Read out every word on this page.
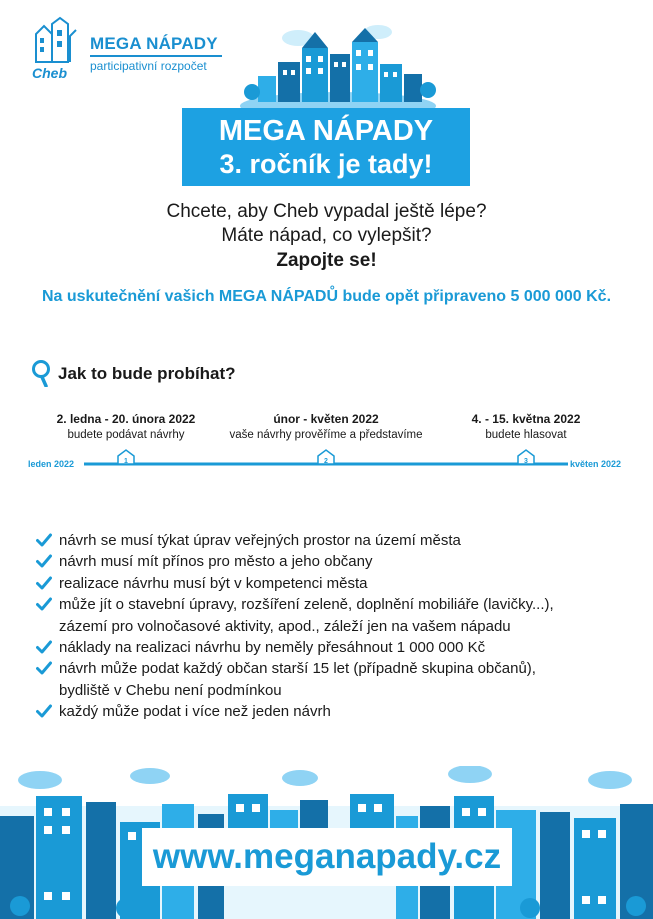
Cheb
MEGA NÁPADY
participativní rozpočet
MEGA NÁPADY
3. ročník je tady!
Chcete, aby Cheb vypadal ještě lépe?
Máte nápad, co vylepšit?
Zapojte se!
Na uskutečnění vašich MEGA NÁPADŮ bude opět připraveno 5 000 000 Kč.
Jak to bude probíhat?
2. ledna - 20. února 2022
budete podávat návrhy
únor - květen 2022
vaše návrhy prověříme a představíme
4. - 15. května 2022
budete hlasovat
1	2	3
leden 2022	květen 2022
návrh se musí týkat úprav veřejných prostor na území města
návrh musí mít přínos pro město a jeho občany
realizace návrhu musí být v kompetenci města
může jít o stavební úpravy, rozšíření zeleně, doplnění mobiliáře (lavičky...),
zázemí pro volnočasové aktivity, apod., záleží jen na vašem nápadu
náklady na realizaci návrhu by neměly přesáhnout 1 000 000 Kč
návrh může podat každý občan starší 15 let (případně skupina občanů),
bydliště v Chebu není podmínkou
každý může podat i více než jeden návrh
www.meganapady.cz
